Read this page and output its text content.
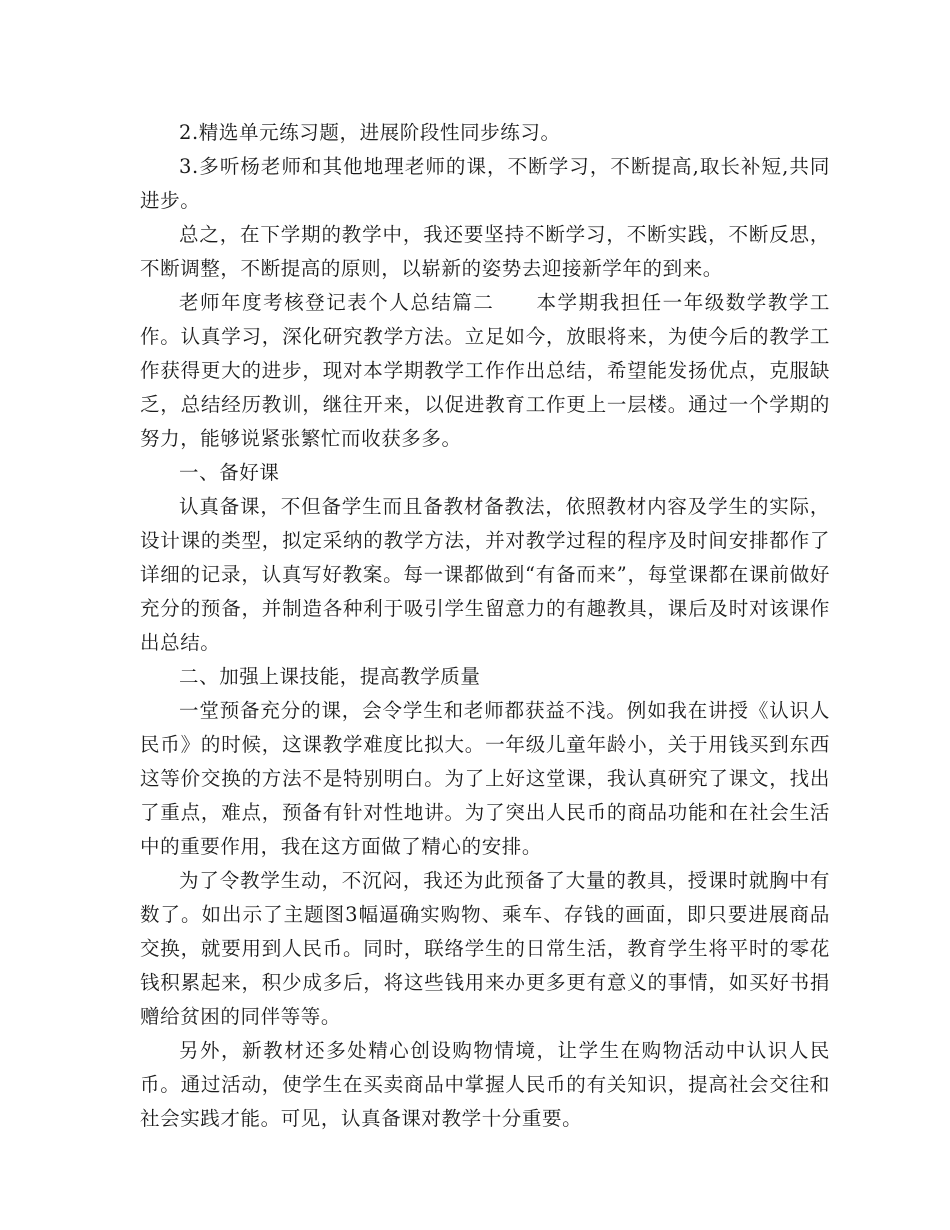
2.精选单元练习题，进展阶段性同步练习。

3.多听杨老师和其他地理老师的课，不断学习，不断提高,取长补短,共同进步。

总之，在下学期的教学中，我还要坚持不断学习，不断实践，不断反思，不断调整，不断提高的原则，以崭新的姿势去迎接新学年的到来。

老师年度考核登记表个人总结篇二　　本学期我担任一年级数学教学工作。认真学习，深化研究教学方法。立足如今，放眼将来，为使今后的教学工作获得更大的进步，现对本学期教学工作作出总结，希望能发扬优点，克服缺乏，总结经历教训，继往开来，以促进教育工作更上一层楼。通过一个学期的努力，能够说紧张繁忙而收获多多。

一、备好课

认真备课，不但备学生而且备教材备教法，依照教材内容及学生的实际，设计课的类型，拟定采纳的教学方法，并对教学过程的程序及时间安排都作了详细的记录，认真写好教案。每一课都做到“有备而来”，每堂课都在课前做好充分的预备，并制造各种利于吸引学生留意力的有趣教具，课后及时对该课作出总结。

二、加强上课技能，提高教学质量

一堂预备充分的课，会令学生和老师都获益不浅。例如我在讲授《认识人民币》的时候，这课教学难度比拟大。一年级儿童年龄小，关于用钱买到东西这等价交换的方法不是特别明白。为了上好这堂课，我认真研究了课文，找出了重点，难点，预备有针对性地讲。为了突出人民币的商品功能和在社会生活中的重要作用，我在这方面做了精心的安排。

为了令教学生动，不沉闷，我还为此预备了大量的教具，授课时就胸中有数了。如出示了主题图3幅逼确实购物、乘车、存钱的画面，即只要进展商品交换，就要用到人民币。同时，联络学生的日常生活，教育学生将平时的零花钱积累起来，积少成多后，将这些钱用来办更多更有意义的事情，如买好书捐赠给贫困的同伴等等。

另外，新教材还多处精心创设购物情境，让学生在购物活动中认识人民币。通过活动，使学生在买卖商品中掌握人民币的有关知识，提高社会交往和社会实践才能。可见，认真备课对教学十分重要。
